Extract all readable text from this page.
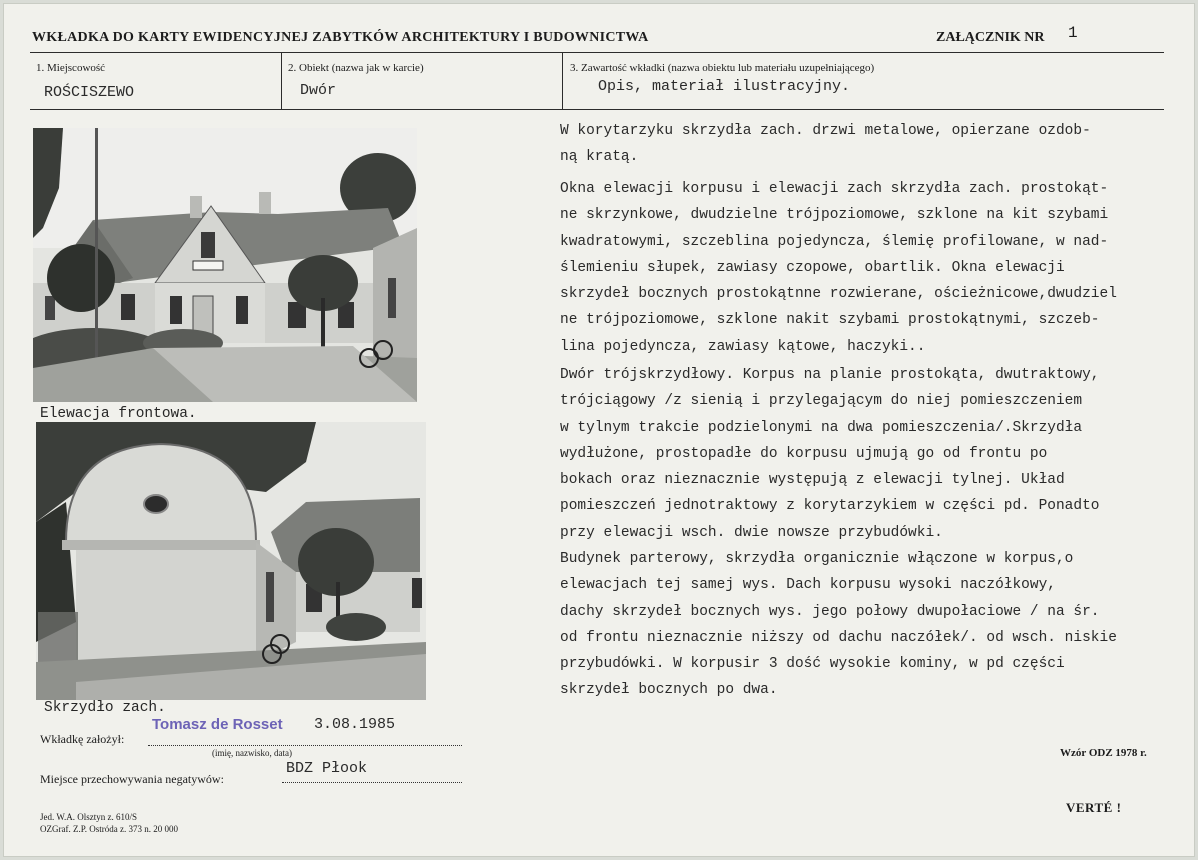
WKŁADKA DO KARTY EWIDENCYJNEJ ZABYTKÓW ARCHITEKTURY I BUDOWNICTWA	ZAŁĄCZNIK NR 1
1. Miejscowość
ROŚCISZEWO
2. Obiekt (nazwa jak w karcie)
Dwór
3. Zawartość wkładki (nazwa obiektu lub materiału uzupełniającego)
Opis, materiał ilustracyjny.
Elewacja frontowa.
Skrzydło zach.
W korytarzyku skrzydła zach. drzwi metalowe, opierzane ozdob-
ną kratą.
Okna elewacji korpusu i elewacji zach skrzydła zach. prostokąt-
ne skrzynkowe, dwudzielne trójpoziomowe, szklone na kit szybami
kwadratowymi, szczeblina pojedyncza, ślemię profilowane, w nad-
ślemieniu słupek, zawiasy czopowe, obartlik. Okna elewacji
skrzydeł bocznych prostokątnne rozwierane, ościeżnicowe,dwudziel
ne trójpoziomowe, szklone nakit szybami prostokątnymi, szczeb-
lina pojedyncza, zawiasy kątowe, haczyki..
Dwór trójskrzydłowy. Korpus na planie prostokąta, dwutraktowy,
trójciągowy /z sienią i przylegającym do niej pomieszczeniem
w tylnym trakcie podzielonymi na dwa pomieszczenia/.Skrzydła
wydłużone, prostopadłe do korpusu ujmują go od frontu po
bokach oraz nieznacznie występują z elewacji tylnej. Układ
pomieszczeń jednotraktowy z korytarzykiem w części pd. Ponadto
przy elewacji wsch. dwie nowsze przybudówki.
Budynek parterowy, skrzydła organicznie włączone w korpus,o
elewacjach tej samej wys. Dach korpusu wysoki naczółkowy,
dachy skrzydeł bocznych wys. jego połowy dwupołaciowe / na śr.
od frontu nieznacznie niższy od dachu naczółek/. od wsch. niskie
przybudówki. W korpusir 3 dość wysokie kominy, w pd części
skrzydeł bocznych po dwa.
Wkładkę założył:
Tomasz de Rosset 3.08.1985
(imię, nazwisko, data)
Miejsce przechowywania negatywów:
BDZ Płook
Wzór ODZ 1978 r.
VERTÉ !
Jed. W.A. Olsztyn z. 610/S
OZGraf. Z.P. Ostróda z. 373 n. 20 000
